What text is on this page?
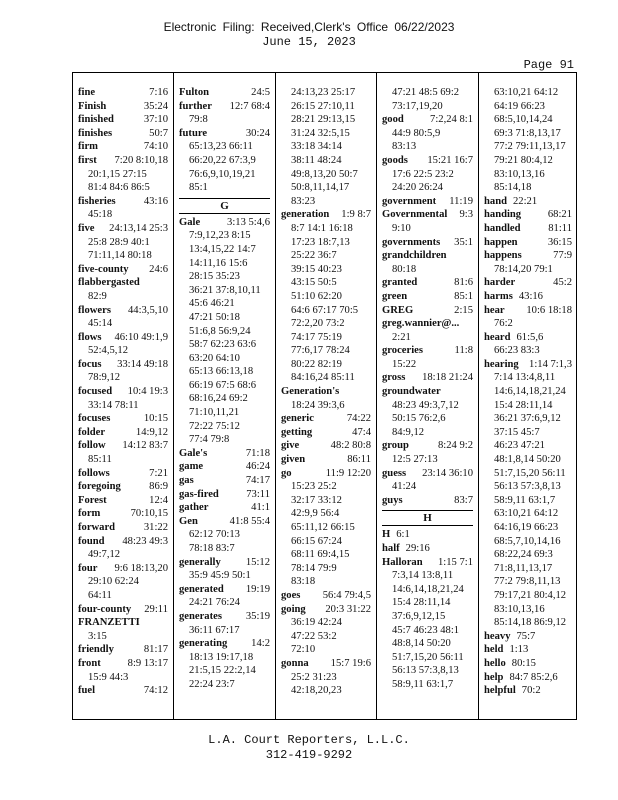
Electronic Filing: Received,Clerk's Office 06/22/2023
June 15, 2023
Page 91
fine	7:16
Finish	35:24
finished	37:10
finishes	50:7
firm	74:10
first 7:20 8:10,18
20:1,15 27:15
81:4 84:6 86:5
fisheries	43:16
45:18
five 24:13,14 25:3
25:8 28:9 40:1
71:11,14 80:18
five-county 24:6
flabbergasted
82:9
flowers 44:3,5,10
45:14
flows 46:10 49:1,9
52:4,5,12
focus 33:14 49:18
78:9,12
focused 10:4 19:3
33:14 78:11
focuses	10:15
folder	14:9,12
follow 14:12 83:7
85:11
follows	7:21
foregoing	86:9
Forest	12:4
form	70:10,15
forward	31:22
found 48:23 49:3
49:7,12
four 9:6 18:13,20
29:10 62:24
64:11
four-county 29:11
FRANZETTI
3:15
friendly	81:17
front	8:9 13:17
15:9 44:3
fuel	74:12
Fulton	24:5
further 12:7 68:4
79:8
future	30:24
65:13,23 66:11
66:20,22 67:3,9
76:6,9,10,19,21
85:1
G
Gale	3:13 5:4,6
7:9,12,23 8:15
13:4,15,22 14:7
14:11,16 15:6
28:15 35:23
36:21 37:8,10,11
45:6 46:21
47:21 50:18
51:6,8 56:9,24
58:7 62:23 63:6
63:20 64:10
65:13 66:13,18
66:19 67:5 68:6
68:16,24 69:2
71:10,11,21
72:22 75:12
77:4 79:8
Gale's	71:18
game	46:24
gas	74:17
gas-fired	73:11
gather	41:1
Gen	41:8 55:4
62:12 70:13
78:18 83:7
generally 15:12
35:9 45:9 50:1
generated 19:19
24:21 76:24
generates 35:19
36:11 67:17
generating 14:2
18:13 19:17,18
21:5,15 22:2,14
22:24 23:7
24:13,23 25:17
26:15 27:10,11
28:21 29:13,15
31:24 32:5,15
33:18 34:14
38:11 48:24
49:8,13,20 50:7
50:8,11,14,17
83:23
generation 1:9 8:7
8:7 14:1 16:18
17:23 18:7,13
25:22 36:7
39:15 40:23
43:15 50:5
51:10 62:20
64:6 67:17 70:5
72:2,20 73:2
74:17 75:19
77:6,17 78:24
80:22 82:19
84:16,24 85:11
Generation's
18:24 39:3,6
generic	74:22
getting	47:4
give	48:2 80:8
given	86:11
go	11:9 12:20
15:23 25:2
32:17 33:12
42:9,9 56:4
65:11,12 66:15
66:15 67:24
68:11 69:4,15
78:14 79:9
83:18
goes 56:4 79:4,5
going 20:3 31:22
36:19 42:24
47:22 53:2
72:10
gonna 15:7 19:6
25:2 31:23
42:18,20,23
47:21 48:5 69:2
73:17,19,20
good 7:2,24 8:1
44:9 80:5,9
83:13
goods 15:21 16:7
17:6 22:5 23:2
24:20 26:24
government 11:19
Governmental 9:3
9:10
governments 35:1
grandchildren
80:18
granted	81:6
green	85:1
GREG	2:15
greg.wannier@...
2:21
groceries	11:8
15:22
gross 18:18 21:24
groundwater
48:23 49:3,7,12
50:15 76:2,6
84:9,12
group	8:24 9:2
12:5 27:13
guess 23:14 36:10
41:24
guys	83:7
H
H 6:1
half 29:16
Halloran 1:15 7:1
7:3,14 13:8,11
14:6,14,18,21,24
15:4 28:11,14
37:6,9,12,15
45:7 46:23 48:1
48:8,14 50:20
51:7,15,20 56:11
56:13 57:3,8,13
58:9,11 63:1,7
63:10,21 64:12
64:19 66:23
68:5,10,14,24
69:3 71:8,13,17
77:2 79:11,13,17
79:21 80:4,12
83:10,13,16
85:14,18
hand 22:21
handing	68:21
handled	81:11
happen	36:15
happens	77:9
78:14,20 79:1
harder	45:2
harms 43:16
hear 10:6 18:18
76:2
heard 61:5,6
66:23 83:3
hearing 1:14 7:1,3
7:14 13:4,8,11
14:6,14,18,21,24
15:4 28:11,14
36:21 37:6,9,12
37:15 45:7
46:23 47:21
48:1,8,14 50:20
51:7,15,20 56:11
56:13 57:3,8,13
58:9,11 63:1,7
63:10,21 64:12
64:16,19 66:23
68:5,7,10,14,16
68:22,24 69:3
71:8,11,13,17
77:2 79:8,11,13
79:17,21 80:4,12
83:10,13,16
85:14,18 86:9,12
heavy 75:7
held 1:13
hello 80:15
help 84:7 85:2,6
helpful 70:2
L.A. Court Reporters, L.L.C.
312-419-9292
